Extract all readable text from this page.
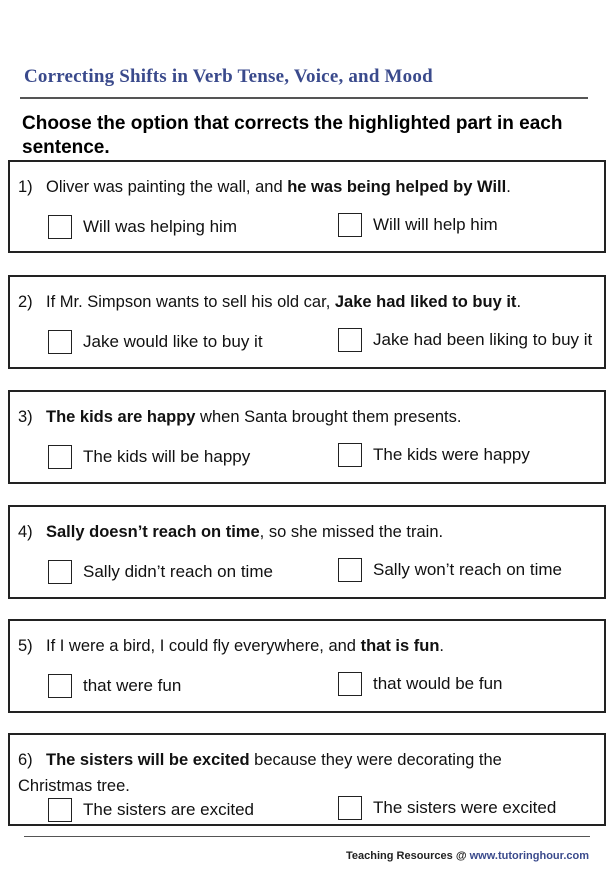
Correcting Shifts in Verb Tense, Voice, and Mood
Choose the option that corrects the highlighted part in each sentence.
1) Oliver was painting the wall, and he was being helped by Will.
Will was helping him	Will will help him
2) If Mr. Simpson wants to sell his old car, Jake had liked to buy it.
Jake would like to buy it	Jake had been liking to buy it
3) The kids are happy when Santa brought them presents.
The kids will be happy	The kids were happy
4) Sally doesn’t reach on time, so she missed the train.
Sally didn’t reach on time	Sally won’t reach on time
5) If I were a bird, I could fly everywhere, and that is fun.
that were fun	that would be fun
6) The sisters will be excited because they were decorating the Christmas tree.
The sisters are excited	The sisters were excited
Teaching Resources @ www.tutoringhour.com
